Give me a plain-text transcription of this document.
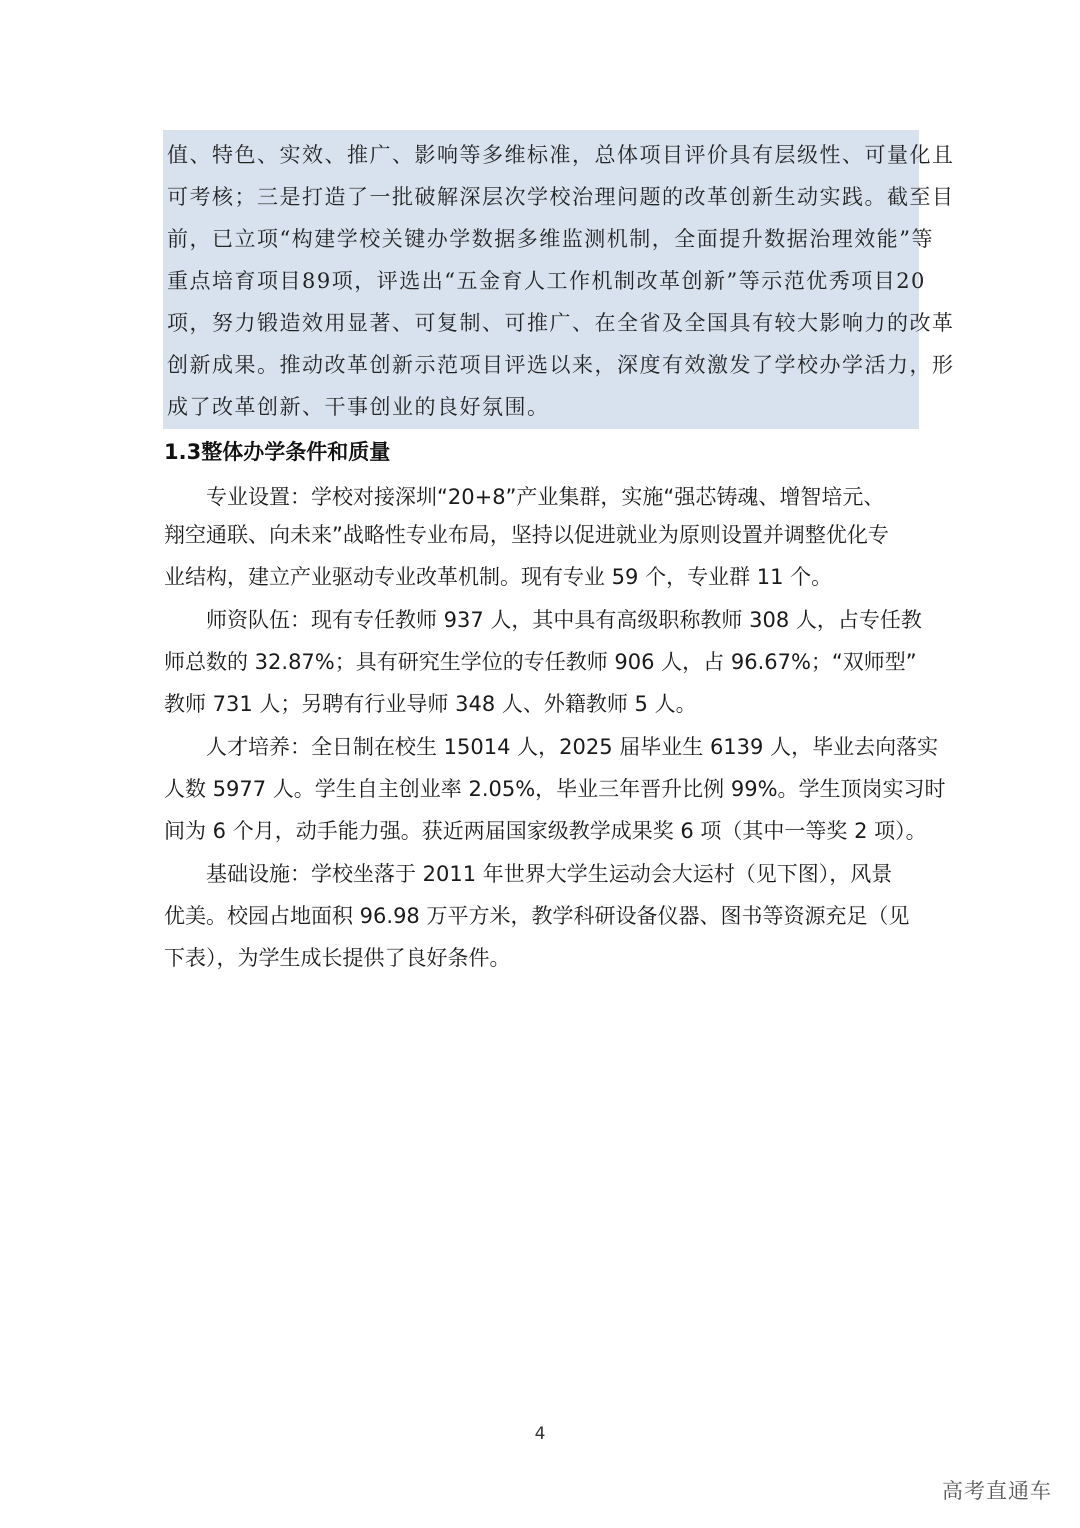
值、特色、实效、推广、影响等多维标准，总体项目评价具有层级性、可量化且
可考核；三是打造了一批破解深层次学校治理问题的改革创新生动实践。截至目
前，已立项“构建学校关键办学数据多维监测机制，全面提升数据治理效能”等
重点培育项目89项，评选出“五金育人工作机制改革创新”等示范优秀项目20
项，努力锻造效用显著、可复制、可推广、在全省及全国具有较大影响力的改革
创新成果。推动改革创新示范项目评选以来，深度有效激发了学校办学活力，形
成了改革创新、干事创业的良好氛围。
1.3整体办学条件和质量
专业设置：学校对接深圳“20+8”产业集群，实施“强芯铸魂、增智培元、
翔空通联、向未来”战略性专业布局，坚持以促进就业为原则设置并调整优化专
业结构，建立产业驱动专业改革机制。现有专业 59 个，专业群 11 个。
师资队伍：现有专任教师 937 人，其中具有高级职称教师 308 人，占专任教
师总数的 32.87%；具有研究生学位的专任教师 906 人，占 96.67%；“双师型”
教师 731 人；另聘有行业导师 348 人、外籍教师 5 人。
人才培养：全日制在校生 15014 人，2025 届毕业生 6139 人，毕业去向落实
人数 5977 人。学生自主创业率 2.05%，毕业三年晋升比例 99%。学生顶岗实习时
间为 6 个月，动手能力强。获近两届国家级教学成果奖 6 项（其中一等奖 2 项）。
基础设施：学校坐落于 2011 年世界大学生运动会大运村（见下图），风景
优美。校园占地面积 96.98 万平方米，教学科研设备仪器、图书等资源充足（见
下表），为学生成长提供了良好条件。
4
高考直通车
